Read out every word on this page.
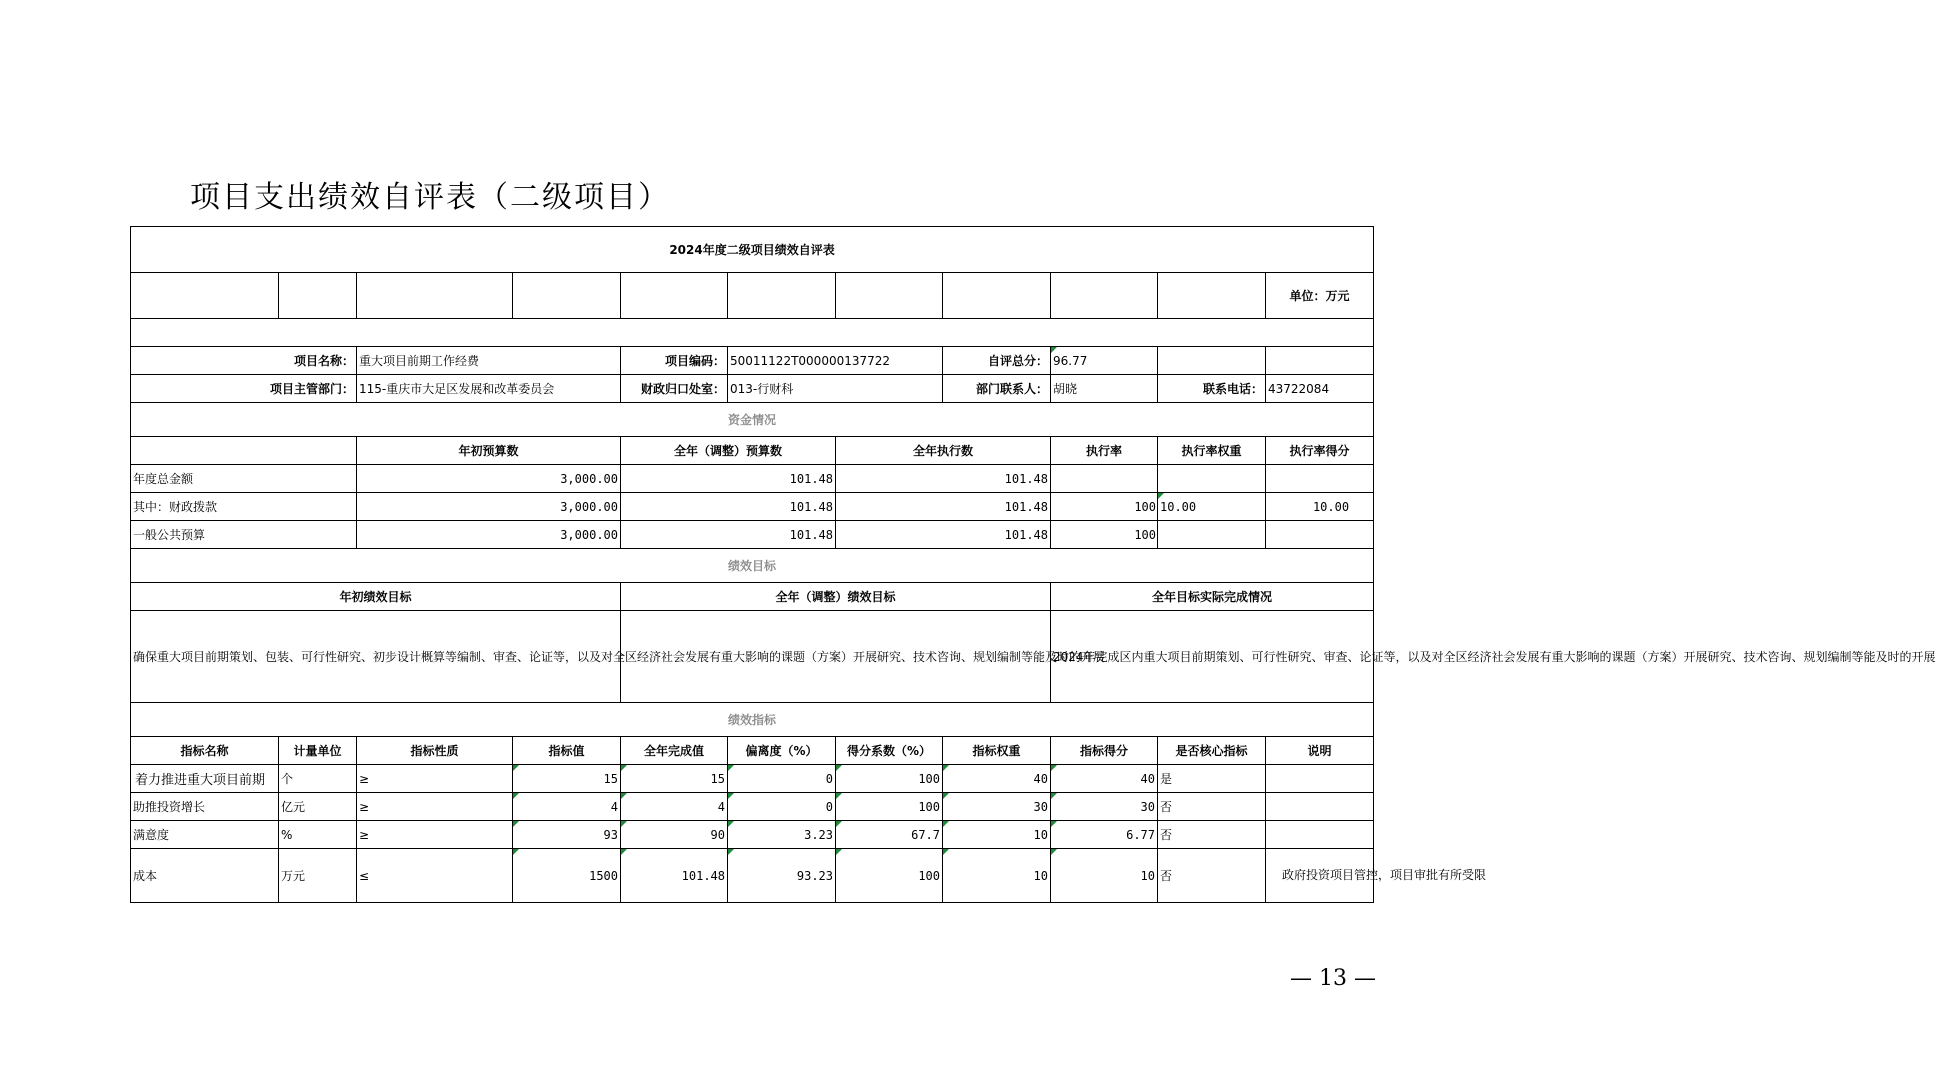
项目支出绩效自评表（二级项目）
2024年度二级项目绩效自评表										
										单位：万元

项目名称：		重大项目前期工作经费		项目编码：	50011122T000000137722		自评总分：	96.77		
项目主管部门：		115-重庆市大足区发展和改革委员会		财政归口处室：	013-行财科		部门联系人：	胡晓	联系电话：	43722084
资金情况										
		年初预算数		全年（调整）预算数		全年执行数		执行率	执行率权重	执行率得分
年度总金额		3,000.00		101.48		101.48				
其中：财政拨款		3,000.00		101.48		101.48		100	10.00	10.00
一般公共预算		3,000.00		101.48		101.48		100		
绩效目标										
年初绩效目标				全年（调整）绩效目标				全年目标实际完成情况		
确保重大项目前期策划、包装、可行性研究、初步设计概算等编制、审查、论证等，以及对全区经济社会发展有重大影响的课题（方案）开展研究、技术咨询、规划编制等能及时的开展								2024年完成区内重大项目前期策划、可行性研究、审查、论证等，以及对全区经济社会发展有重大影响的课题（方案）开展研究、技术咨询、规划编制等能及时的开展		
绩效指标										
指标名称	计量单位	指标性质	指标值	全年完成值	偏离度（%）	得分系数（%）	指标权重	指标得分	是否核心指标	说明
着力推进重大项目前期	个	≥	15	15	0	100	40	40	是	
助推投资增长	亿元	≥	4	4	0	100	30	30	否	
满意度	%	≥	93	90	3.23	67.7	10	6.77	否	
成本	万元	≤	1500	101.48	93.23	100	10	10	否	政府投资项目管控，项目审批有所受限
— 13 —
